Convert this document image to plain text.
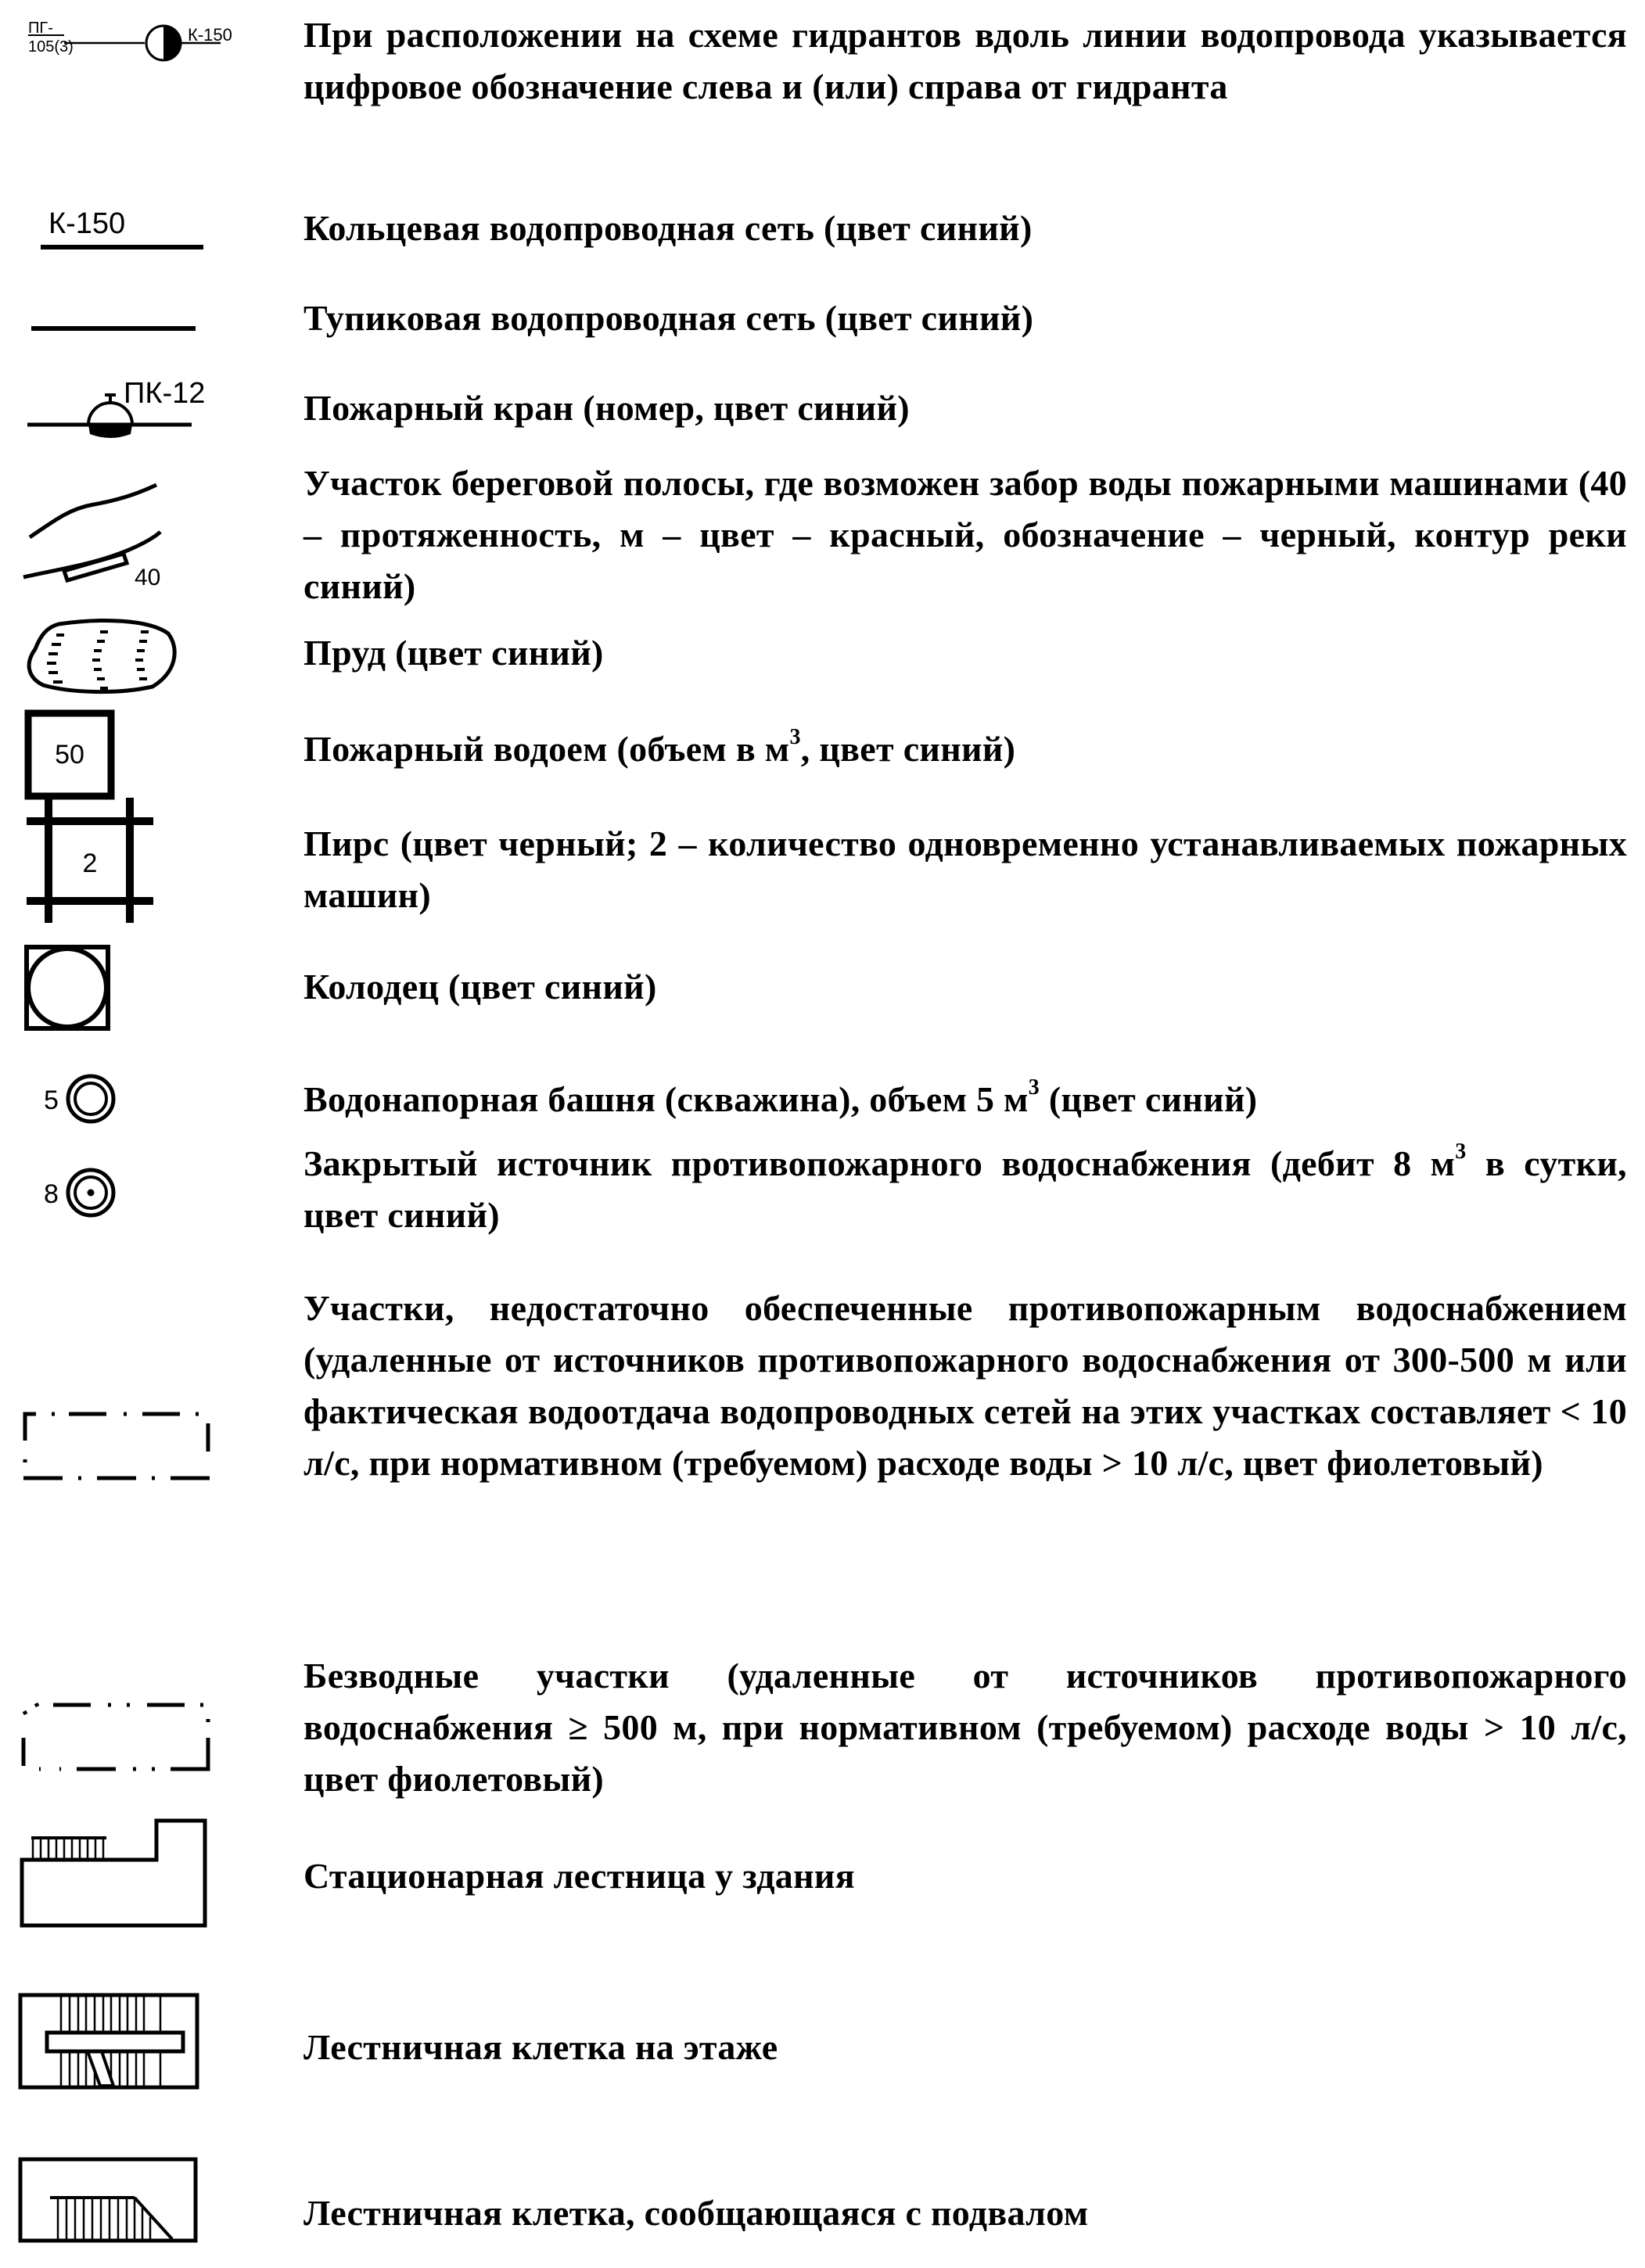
ПГ-
105(3)
К-150 При расположении на схеме гидрантов вдоль линии водопровода указывается цифровое обозначение слева и (или) справа от гидранта
К-150	Кольцевая водопроводная сеть (цвет синий)
Тупиковая водопроводная сеть (цвет синий)
ПК-12	Пожарный кран (номер, цвет синий)
40
Участок береговой полосы, где возможен забор воды пожарными машинами (40 – протяженность, м – цвет – красный, обозначение – черный, контур реки синий)
Пруд (цвет синий)
50	Пожарный водоем (объем в $м^3$, цвет синий)
2	Пирс (цвет черный; 2 – количество одновременно устанавливаемых пожарных машин)
Колодец (цвет синий)
5	Водонапорная башня (скважина), объем 5 $м^3$ (цвет синий)
8
Закрытый источник противопожарного водоснабжения (дебит 8 $м^3$ в сутки, цвет синий)
Участки, недостаточно обеспеченные противопожарным водоснабжением (удаленные от источников противопожарного водоснабжения от 300-500 м или фактическая водоотдача водопроводных сетей на этих участках составляет < 10 л/с, при нормативном (требуемом) расходе воды > 10 л/с, цвет фиолетовый)
Безводные участки (удаленные от источников противопожарного водоснабжения ≥ 500 м, при нормативном (требуемом) расходе воды > 10 л/с, цвет фиолетовый)
Стационарная лестница у здания
Лестничная клетка на этаже
Лестничная клетка, сообщающаяся с подвалом
